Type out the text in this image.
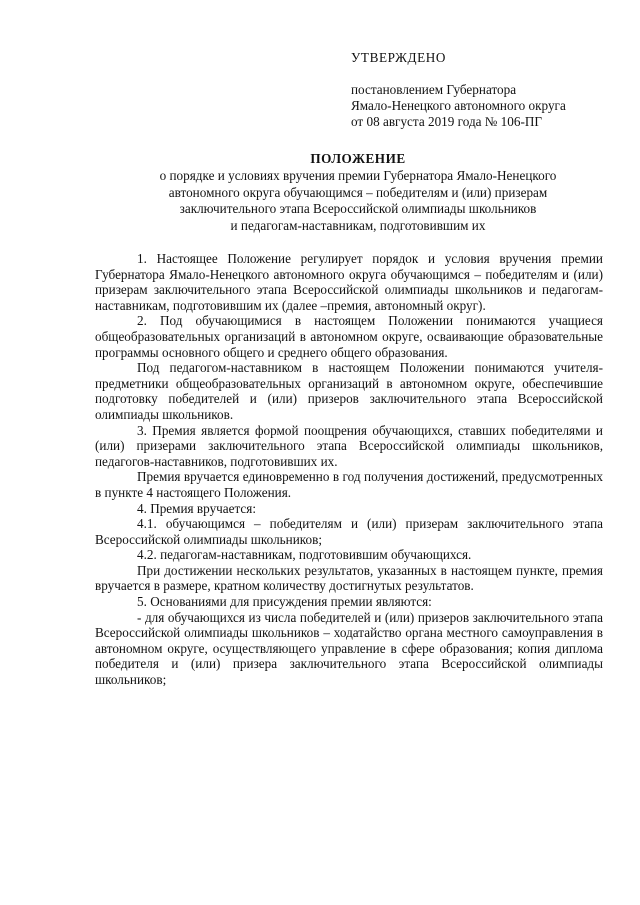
УТВЕРЖДЕНО
постановлением Губернатора
Ямало-Ненецкого автономного округа
от 08 августа 2019 года № 106-ПГ
ПОЛОЖЕНИЕ
о порядке и условиях вручения премии Губернатора Ямало-Ненецкого
автономного округа обучающимся – победителям и (или) призерам
заключительного этапа Всероссийской олимпиады школьников
и педагогам-наставникам, подготовившим их

1. Настоящее Положение регулирует порядок и условия вручения премии Губернатора Ямало-Ненецкого автономного округа обучающимся – победителям и (или) призерам заключительного этапа Всероссийской олимпиады школьников и педагогам-наставникам, подготовившим их (далее –премия, автономный округ).

2. Под обучающимися в настоящем Положении понимаются учащиеся общеобразовательных организаций в автономном округе, осваивающие образовательные программы основного общего и среднего общего образования.

Под педагогом-наставником в настоящем Положении понимаются учителя-предметники общеобразовательных организаций в автономном округе, обеспечившие подготовку победителей и (или) призеров заключительного этапа Всероссийской олимпиады школьников.

3. Премия является формой поощрения обучающихся, ставших победителями и (или) призерами заключительного этапа Всероссийской олимпиады школьников, педагогов-наставников, подготовивших их.

Премия вручается единовременно в год получения достижений, предусмотренных в пункте 4 настоящего Положения.

4. Премия вручается:

4.1. обучающимся – победителям и (или) призерам заключительного этапа Всероссийской олимпиады школьников;

4.2. педагогам-наставникам, подготовившим обучающихся.

При достижении нескольких результатов, указанных в настоящем пункте, премия вручается в размере, кратном количеству достигнутых результатов.

5. Основаниями для присуждения премии являются:

- для обучающихся из числа победителей и (или) призеров заключительного этапа Всероссийской олимпиады школьников – ходатайство органа местного самоуправления в автономном округе, осуществляющего управление в сфере образования; копия диплома победителя и (или) призера заключительного этапа Всероссийской олимпиады школьников;
